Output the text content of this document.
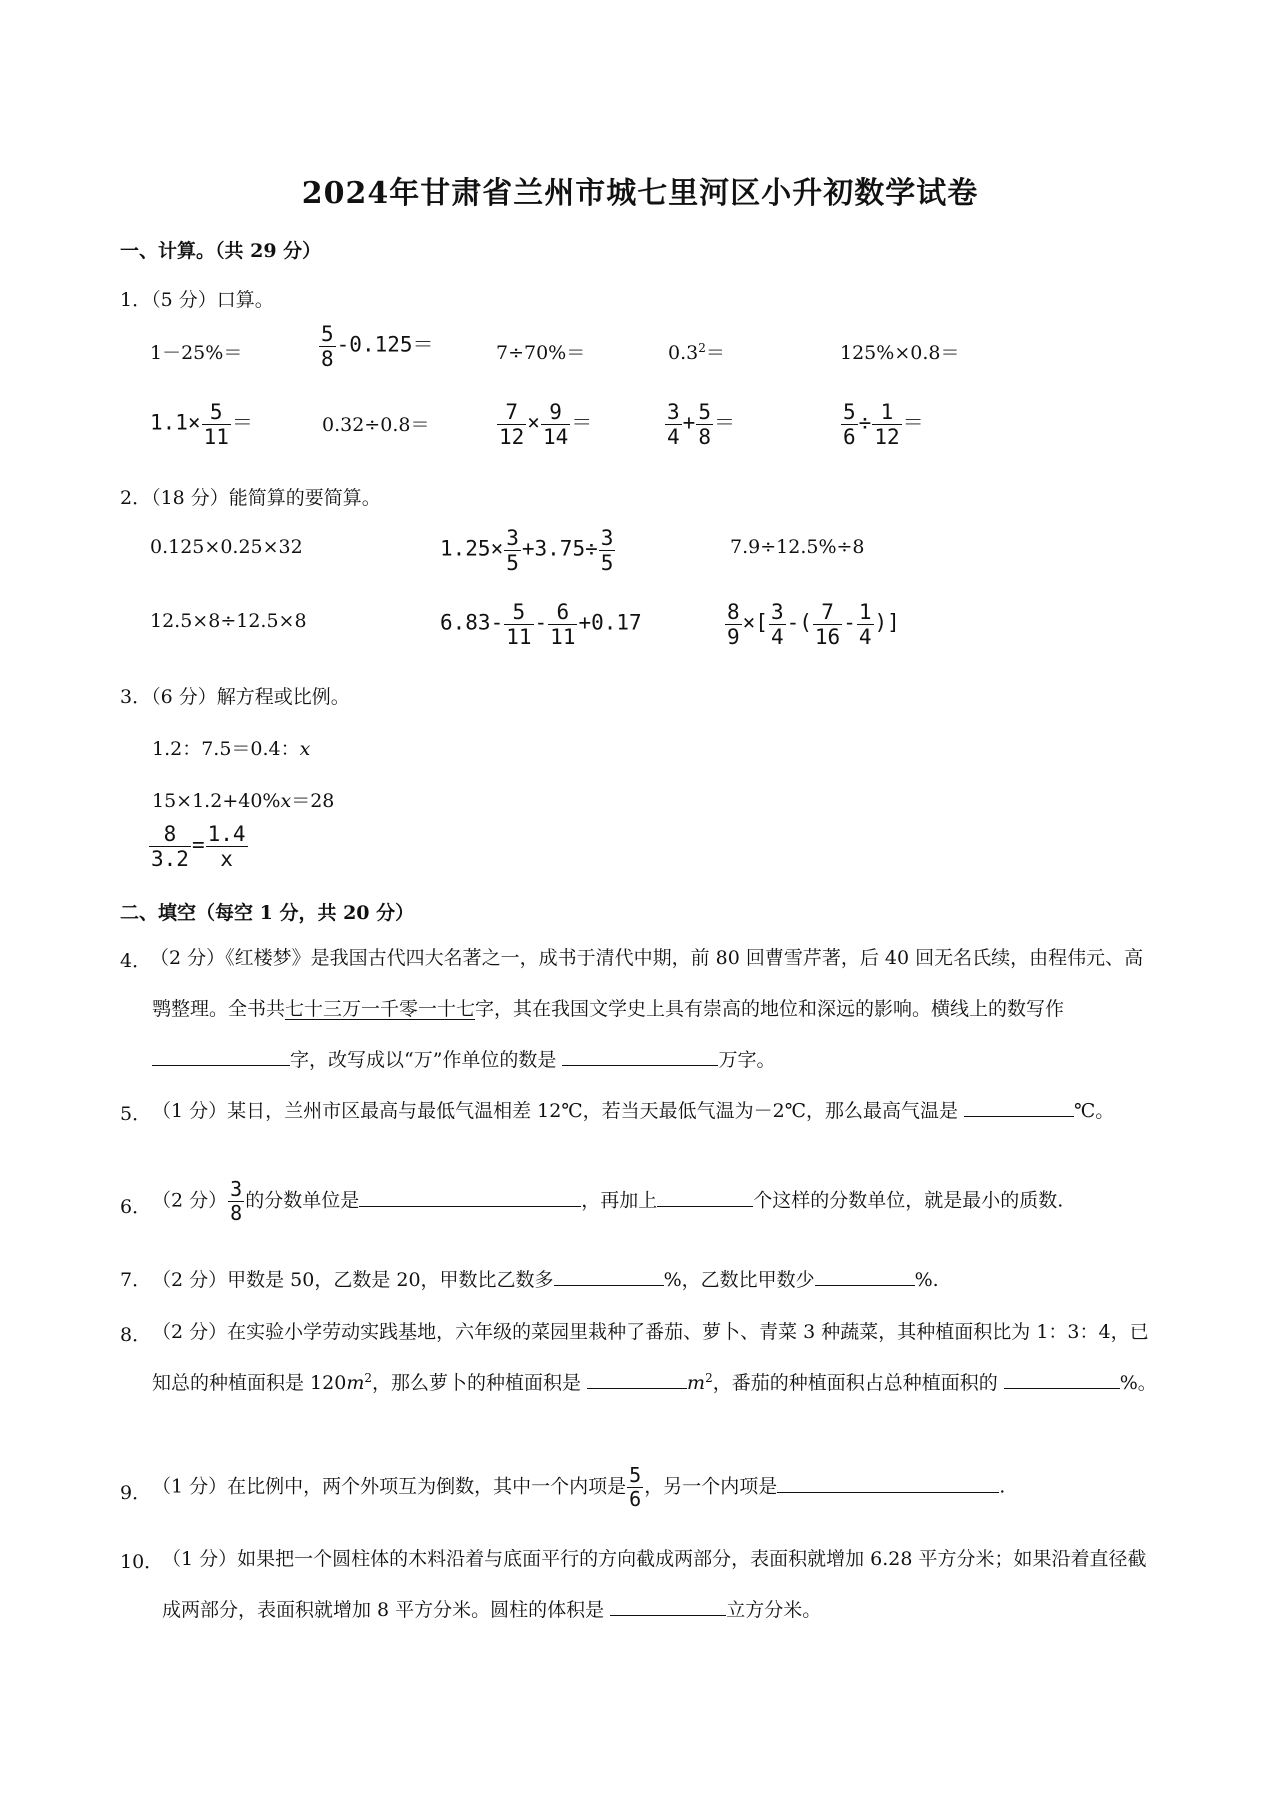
2024年甘肃省兰州市城七里河区小升初数学试卷
一、计算。（共 29 分）
1．（5 分）口算。
1－25%＝	$\frac{5}{8} -0.125=$	7÷70%＝	$0.3^2=$	125%×0.8＝
$1.1\times \frac{5}{11}$ ＝	0.32÷0.8＝	$\frac{7}{12} \times \frac{9}{14}$ ＝	$\frac{3}{4} + \frac{5}{8}$ ＝	$\frac{5}{6} \div \frac{1}{12}$ ＝
2．（18 分）能简算的要简算。
0.125×0.25×32	$1.25\times \frac{3}{5} +3.75\div \frac{3}{5}$	7.9÷12.5%÷8
12.5×8÷12.5×8	$6.83- \frac{5}{11} - \frac{6}{11} +0.17$	$\frac{8}{9}$ ×[ $\frac{3}{4}$ -( $\frac{7}{16} - \frac{1}{4}$ )]
3．（6 分）解方程或比例。
1.2：7.5＝0.4：x
15×1.2+40%x＝28
$\frac{8}{3.2} = \frac{1.4}{x}$
二、填空（每空 1 分，共 20 分）
4．
（2 分）《红楼梦》是我国古代四大名著之一，成书于清代中期，前 80 回曹雪芹著，后 40 回无名氏续，由程伟元、高鹗整理。全书共七十三万一千零一十七字，其在我国文学史上具有崇高的地位和深远的影响。横线上的数写作 字，改写成以“万”作单位的数是	万字。
5． （1 分）某日，兰州市区最高与最低气温相差 12℃，若当天最低气温为－2℃，那么最高气温是	℃。
6． （2 分） $\frac{3}{8}$ 的分数单位是	，再加上	个这样的分数单位，就是最小的质数.
7． （2 分）甲数是 50，乙数是 20，甲数比乙数多	%，乙数比甲数少	%.
8． （2 分）在实验小学劳动实践基地，六年级的菜园里栽种了番茄、萝卜、青菜 3 种蔬菜，其种植面积比为 1：3：4，已知总的种植面积是 $120m^2$，那么萝卜的种植面积是	$m^2$，番茄的种植面积占总种植面积的	%。
9． （1 分）在比例中，两个外项互为倒数，其中一个内项是 $\frac{5}{6}$ ，另一个内项是	.
10．
（1 分）如果把一个圆柱体的木料沿着与底面平行的方向截成两部分，表面积就增加 6.28 平方分米；如果沿着直径截成两部分，表面积就增加 8 平方分米。圆柱的体积是	立方分米。
